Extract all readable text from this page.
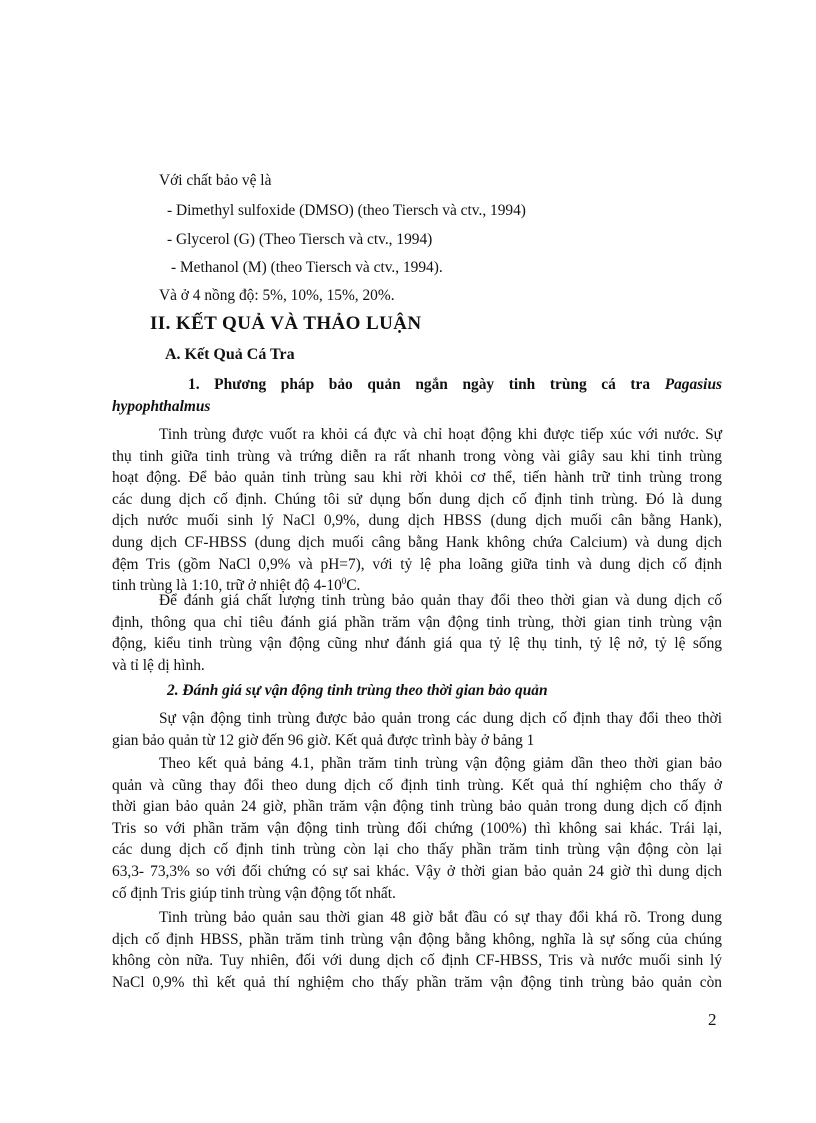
Với chất bảo vệ là

- Dimethyl sulfoxide (DMSO) (theo Tiersch và ctv., 1994)

- Glycerol (G) (Theo Tiersch và ctv., 1994)

- Methanol (M) (theo Tiersch và ctv., 1994).

Và ở 4 nồng độ: 5%, 10%, 15%, 20%.

II. KẾT QUẢ VÀ THẢO LUẬN

A. Kết Quả Cá Tra

1. Phương pháp bảo quản ngắn ngày tinh trùng cá tra Pagasius
hypophthalmus
Tinh trùng được vuốt ra khỏi cá đực và chỉ hoạt động khi được tiếp xúc với nước. Sự
thụ tinh giữa tinh trùng và trứng diễn ra rất nhanh trong vòng vài giây sau khi tinh trùng
hoạt động. Để bảo quản tinh trùng sau khi rời khỏi cơ thể, tiến hành trữ tinh trùng trong
các dung dịch cố định. Chúng tôi sử dụng bốn dung dịch cố định tinh trùng. Đó là dung
dịch nước muối sinh lý NaCl 0,9%, dung dịch HBSS (dung dịch muối cân bằng Hank),
dung dịch CF-HBSS (dung dịch muối câng bằng Hank không chứa Calcium) và dung dịch
đệm Tris (gồm NaCl 0,9% và pH=7), với tỷ lệ pha loãng giữa tinh và dung dịch cố định
tinh trùng là 1:10, trữ ở nhiệt độ $4-10^0C$.
Để đánh giá chất lượng tinh trùng bảo quản thay đổi theo thời gian và dung dịch cố
định, thông qua chỉ tiêu đánh giá phần trăm vận động tinh trùng, thời gian tinh trùng vận
động, kiểu tinh trùng vận động cũng như đánh giá qua tỷ lệ thụ tinh, tỷ lệ nở, tỷ lệ sống
và tỉ lệ dị hình.

2. Đánh giá sự vận động tinh trùng theo thời gian bảo quản

Sự vận động tinh trùng được bảo quản trong các dung dịch cố định thay đổi theo thời
gian bảo quản từ 12 giờ đến 96 giờ. Kết quả được trình bày ở bảng 1
Theo kết quả bảng 4.1, phần trăm tinh trùng vận động giảm dần theo thời gian bảo
quản và cũng thay đổi theo dung dịch cố định tinh trùng. Kết quả thí nghiệm cho thấy ở
thời gian bảo quản 24 giờ, phần trăm vận động tinh trùng bảo quản trong dung dịch cố định
Tris so với phần trăm vận động tinh trùng đối chứng (100%) thì không sai khác. Trái lại,
các dung dịch cố định tinh trùng còn lại cho thấy phần trăm tinh trùng vận động còn lại
63,3- 73,3% so với đối chứng có sự sai khác. Vậy ở thời gian bảo quản 24 giờ thì dung dịch
cố định Tris giúp tinh trùng vận động tốt nhất.
Tinh trùng bảo quản sau thời gian 48 giờ bắt đầu có sự thay đổi khá rõ. Trong dung
dịch cố định HBSS, phần trăm tinh trùng vận động bằng không, nghĩa là sự sống của chúng
không còn nữa. Tuy nhiên, đối với dung dịch cố định CF-HBSS, Tris và nước muối sinh lý
NaCl 0,9% thì kết quả thí nghiệm cho thấy phần trăm vận động tinh trùng bảo quản còn
2
